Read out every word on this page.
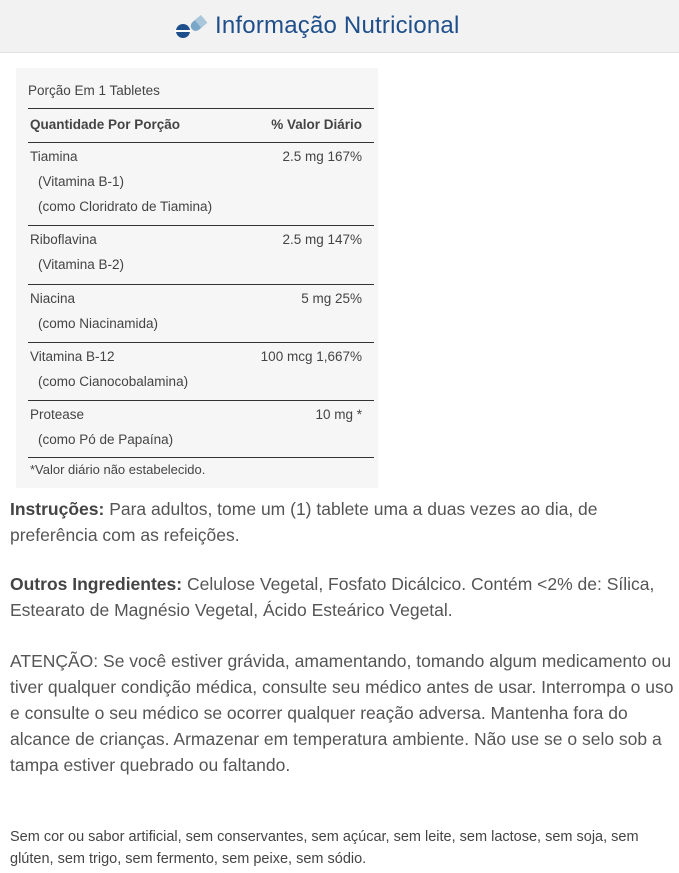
Informação Nutricional
Porção Em 1 Tabletes
Quantidade Por Porção	% Valor Diário
Tiamina	2.5 mg 167%
(Vitamina B-1)
(como Cloridrato de Tiamina)
Riboflavina	2.5 mg 147%
(Vitamina B-2)
Niacina	5 mg 25%
(como Niacinamida)
Vitamina B-12	100 mcg 1,667%
(como Cianocobalamina)
Protease	10 mg *
(como Pó de Papaína)
*Valor diário não estabelecido.
Instruções: Para adultos, tome um (1) tablete uma a duas vezes ao dia, de preferência com as refeições.
Outros Ingredientes: Celulose Vegetal, Fosfato Dicálcico. Contém <2% de: Sílica, Estearato de Magnésio Vegetal, Ácido Esteárico Vegetal.
ATENÇÃO: Se você estiver grávida, amamentando, tomando algum medicamento ou tiver qualquer condição médica, consulte seu médico antes de usar. Interrompa o uso e consulte o seu médico se ocorrer qualquer reação adversa. Mantenha fora do alcance de crianças. Armazenar em temperatura ambiente. Não use se o selo sob a tampa estiver quebrado ou faltando.
Sem cor ou sabor artificial, sem conservantes, sem açúcar, sem leite, sem lactose, sem soja, sem glúten, sem trigo, sem fermento, sem peixe, sem sódio.
